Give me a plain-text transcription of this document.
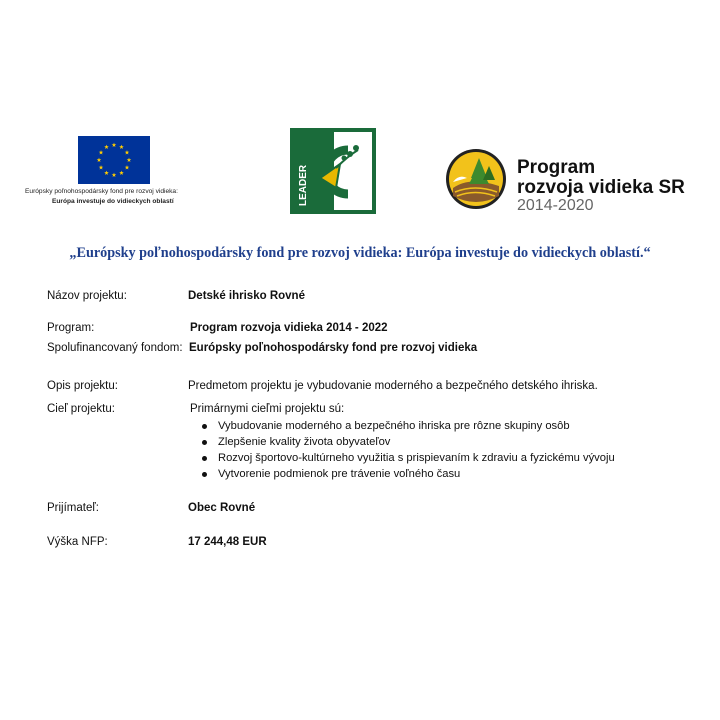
Európsky poľnohospodársky fond pre rozvoj vidieka:
Európa investuje do vidieckych oblastí	LEADER	Program
rozvoja vidieka SR
2014-2020
„Európsky poľnohospodársky fond pre rozvoj vidieka: Európa investuje do vidieckych oblastí.“
Názov projektu:	Detské ihrisko Rovné
Program:	Program rozvoja vidieka 2014 - 2022
Spolufinancovaný fondom: Európsky poľnohospodársky fond pre rozvoj vidieka
Opis projektu:	Predmetom projektu je vybudovanie moderného a bezpečného detského ihriska.
Cieľ projektu:	Primárnymi cieľmi projektu sú:
Vybudovanie moderného a bezpečného ihriska pre rôzne skupiny osôb
Zlepšenie kvality života obyvateľov
Rozvoj športovo-kultúrneho využitia s prispievaním k zdraviu a fyzickému vývoju
Vytvorenie podmienok pre trávenie voľného času
Prijímateľ:	Obec Rovné
Výška NFP:	17 244,48 EUR
